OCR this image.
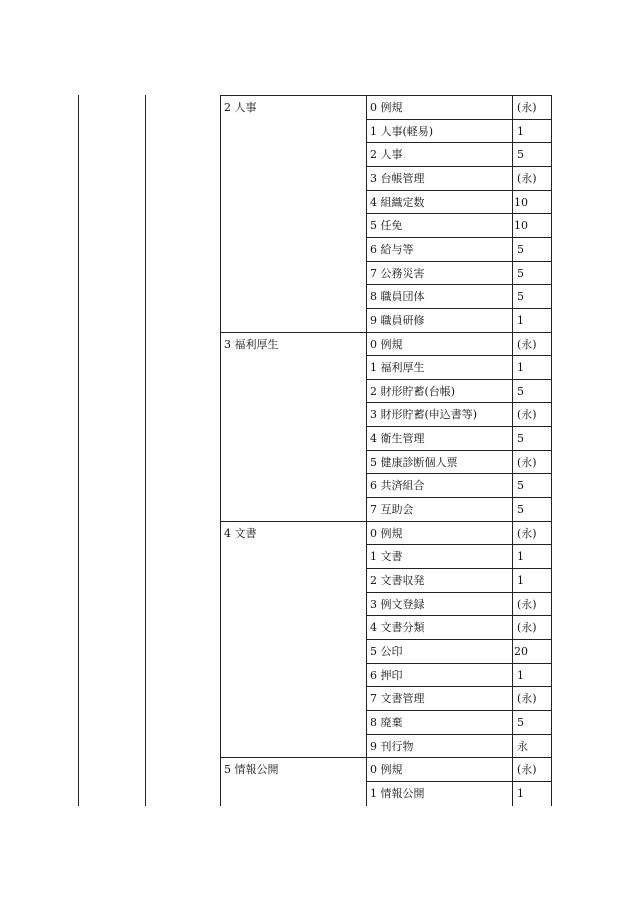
2 人事	0 例規	(永)
1 人事(軽易)	1
2 人事	5
3 台帳管理	(永)
4 組織定数	10
5 任免	10
6 給与等	5
7 公務災害	5
8 職員団体	5
9 職員研修	1
3 福利厚生	0 例規	(永)
1 福利厚生	1
2 財形貯蓄(台帳)	5
3 財形貯蓄(申込書等)	(永)
4 衛生管理	5
5 健康診断個人票	(永)
6 共済組合	5
7 互助会	5
4 文書	0 例規	(永)
1 文書	1
2 文書収発	1
3 例文登録	(永)
4 文書分類	(永)
5 公印	20
6 押印	1
7 文書管理	(永)
8 廃棄	5
9 刊行物	永
5 情報公開	0 例規	(永)
1 情報公開	1
